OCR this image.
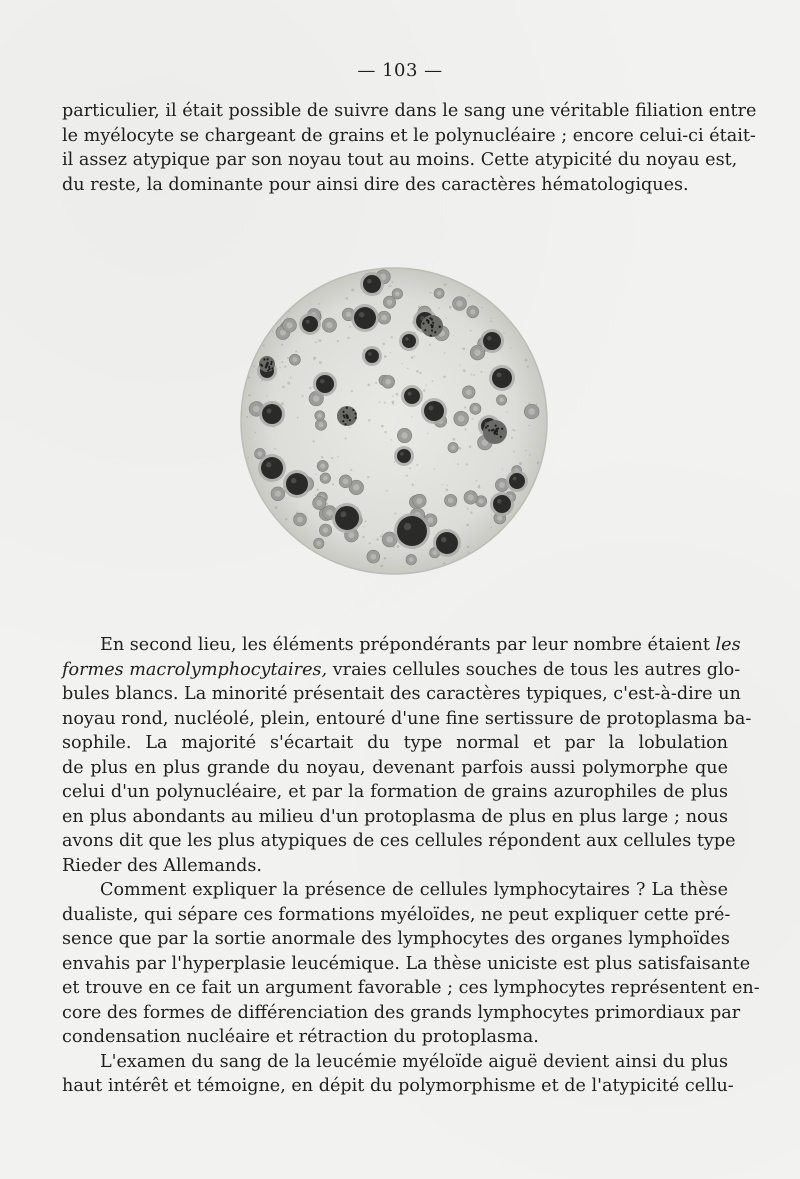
— 103 —
particulier, il était possible de suivre dans le sang une véritable filiation entre
le myélocyte se chargeant de grains et le polynucléaire ; encore celui-ci était-
il assez atypique par son noyau tout au moins. Cette atypicité du noyau est,
du reste, la dominante pour ainsi dire des caractères hématologiques.
En second lieu, les éléments prépondérants par leur nombre étaient les
formes macrolymphocytaires, vraies cellules souches de tous les autres glo-
bules blancs. La minorité présentait des caractères typiques, c'est-à-dire un
noyau rond, nucléolé, plein, entouré d'une fine sertissure de protoplasma ba-
sophile. La majorité s'écartait du type normal et par la lobulation
de plus en plus grande du noyau, devenant parfois aussi polymorphe que
celui d'un polynucléaire, et par la formation de grains azurophiles de plus
en plus abondants au milieu d'un protoplasma de plus en plus large ; nous
avons dit que les plus atypiques de ces cellules répondent aux cellules type
Rieder des Allemands.
Comment expliquer la présence de cellules lymphocytaires ? La thèse
dualiste, qui sépare ces formations myéloïdes, ne peut expliquer cette pré-
sence que par la sortie anormale des lymphocytes des organes lymphoïdes
envahis par l'hyperplasie leucémique. La thèse uniciste est plus satisfaisante
et trouve en ce fait un argument favorable ; ces lymphocytes représentent en-
core des formes de différenciation des grands lymphocytes primordiaux par
condensation nucléaire et rétraction du protoplasma.
L'examen du sang de la leucémie myéloïde aiguë devient ainsi du plus
haut intérêt et témoigne, en dépit du polymorphisme et de l'atypicité cellu-
